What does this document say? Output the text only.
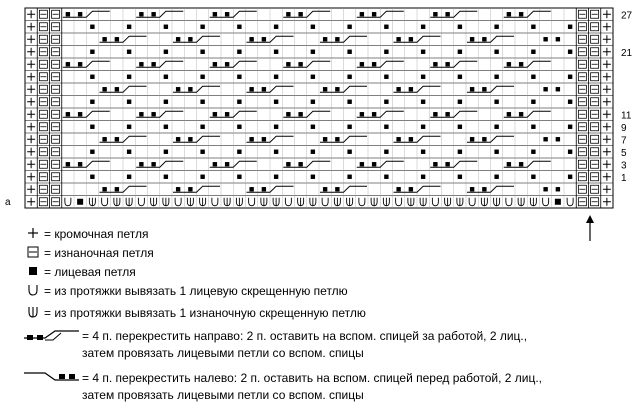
27
21
11
9
7
5
3
1
a
= кромочная петля
= изнаночная петля
= лицевая петля
= из протяжки вывязать 1 лицевую скрещенную петлю
= из протяжки вывязать 1 изнаночную скрещенную петлю
= 4 п. перекрестить направо: 2 п. оставить на вспом. спицей за работой, 2 лиц.,
затем провязать лицевыми петли со вспом. спицы
= 4 п. перекрестить налево: 2 п. оставить на вспом. спицей перед работой, 2 лиц.,
затем провязать лицевыми петли со вспом. спицы
